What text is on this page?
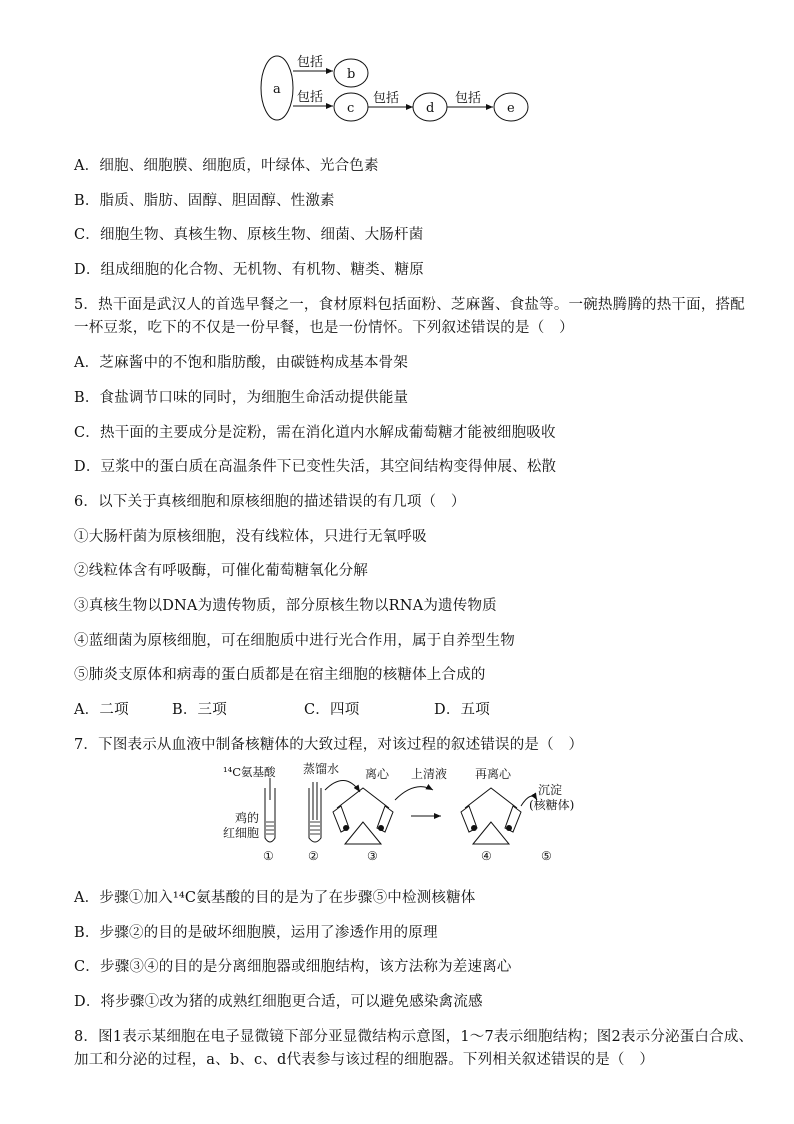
a
包括
b
包括
c
包括
d
包括
e
A．细胞、细胞膜、细胞质，叶绿体、光合色素
B．脂质、脂肪、固醇、胆固醇、性激素
C．细胞生物、真核生物、原核生物、细菌、大肠杆菌
D．组成细胞的化合物、无机物、有机物、糖类、糖原
5．热干面是武汉人的首选早餐之一，食材原料包括面粉、芝麻酱、食盐等。一碗热腾腾的热干面，搭配
一杯豆浆，吃下的不仅是一份早餐，也是一份情怀。下列叙述错误的是（　）
A．芝麻酱中的不饱和脂肪酸，由碳链构成基本骨架
B．食盐调节口味的同时，为细胞生命活动提供能量
C．热干面的主要成分是淀粉，需在消化道内水解成葡萄糖才能被细胞吸收
D．豆浆中的蛋白质在高温条件下已变性失活，其空间结构变得伸展、松散
6．以下关于真核细胞和原核细胞的描述错误的有几项（　）
①大肠杆菌为原核细胞，没有线粒体，只进行无氧呼吸
②线粒体含有呼吸酶，可催化葡萄糖氧化分解
③真核生物以DNA为遗传物质，部分原核生物以RNA为遗传物质
④蓝细菌为原核细胞，可在细胞质中进行光合作用，属于自养型生物
⑤肺炎支原体和病毒的蛋白质都是在宿主细胞的核糖体上合成的
A．二项	B．三项	C．四项	D．五项
7．下图表示从血液中制备核糖体的大致过程，对该过程的叙述错误的是（　）
¹⁴C氨基酸 蒸馏水 离心 上清液 再离心
鸡的
红细胞
沉淀
(核糖体)
①	②	③	④	⑤
A．步骤①加入¹⁴C氨基酸的目的是为了在步骤⑤中检测核糖体
B．步骤②的目的是破坏细胞膜，运用了渗透作用的原理
C．步骤③④的目的是分离细胞器或细胞结构，该方法称为差速离心
D．将步骤①改为猪的成熟红细胞更合适，可以避免感染禽流感
8．图1表示某细胞在电子显微镜下部分亚显微结构示意图，1～7表示细胞结构；图2表示分泌蛋白合成、
加工和分泌的过程，a、b、c、d代表参与该过程的细胞器。下列相关叙述错误的是（　）
